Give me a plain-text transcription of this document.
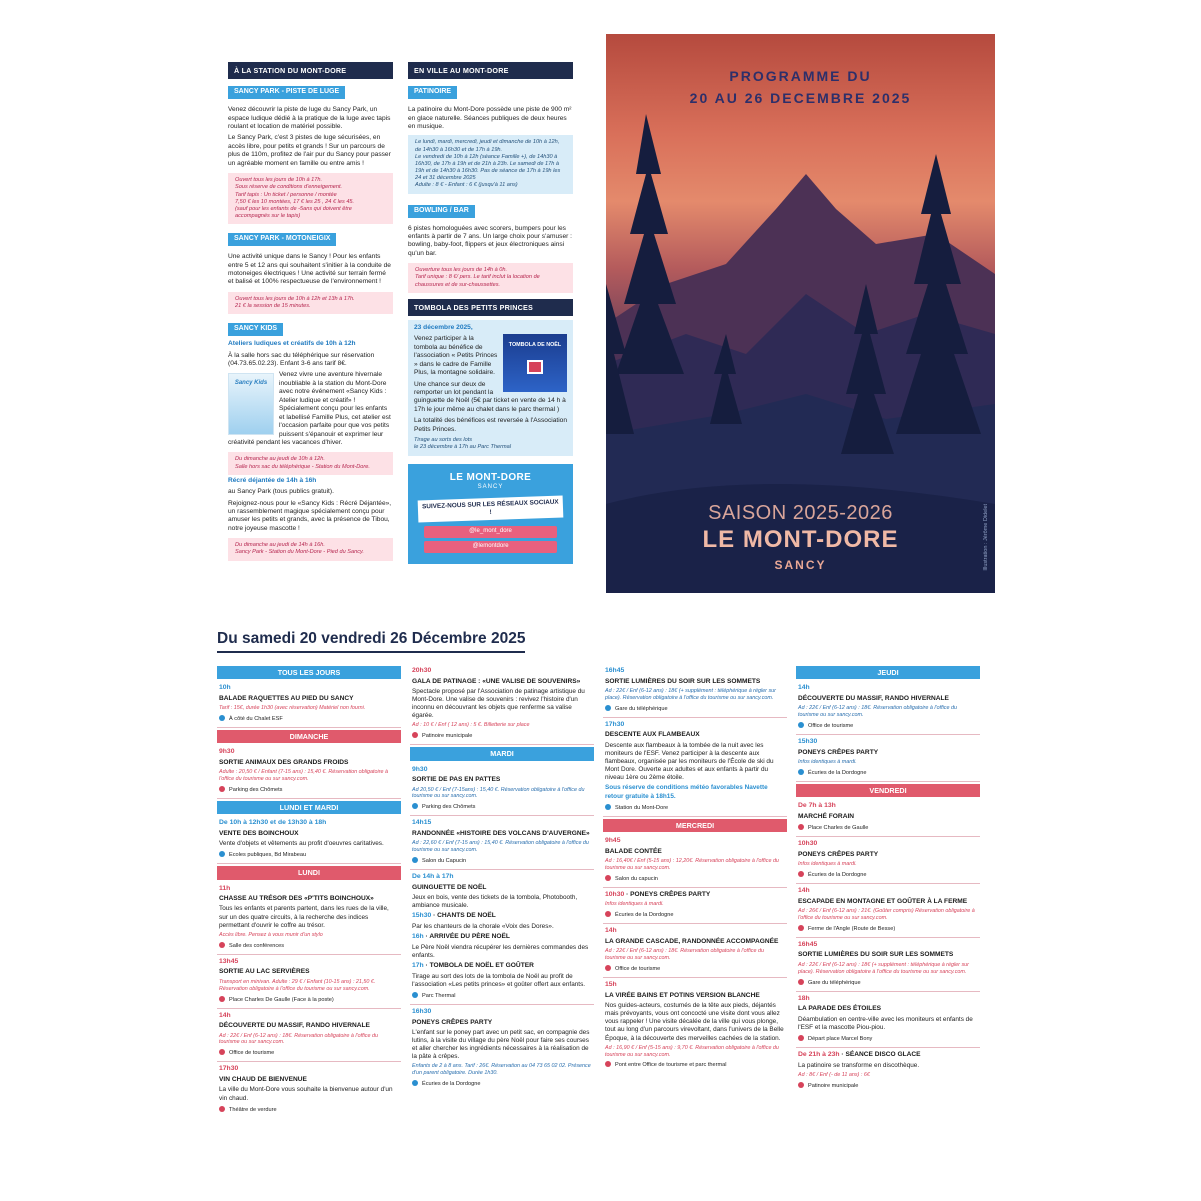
À LA STATION DU MONT-DORE
SANCY PARK - PISTE DE LUGE
Venez découvrir la piste de luge du Sancy Park, un espace ludique dédié à la pratique de la luge avec tapis roulant et location de matériel possible.
Le Sancy Park, c'est 3 pistes de luge sécurisées, en accès libre, pour petits et grands ! Sur un parcours de plus de 110m, profitez de l'air pur du Sancy pour passer un agréable moment en famille ou entre amis !
Ouvert tous les jours de 10h à 17h.
Sous réserve de conditions d'enneigement.
Tarif tapis : Un ticket / personne / montée
7,50 € les 10 montées, 17 € les 25 , 24 € les 45.
(sauf pour les enfants de -5ans qui doivent être accompagnés sur le tapis)
SANCY PARK - MOTONEIGIX
Une activité unique dans le Sancy ! Pour les enfants entre 5 et 12 ans qui souhaitent s'initier à la conduite de motoneiges électriques ! Une activité sur terrain fermé et balisé et 100% respectueuse de l'environnement !
Ouvert tous les jours de 10h à 12h et 13h à 17h.
21 € la session de 15 minutes.
SANCY KIDS
Ateliers ludiques et créatifs de 10h à 12h
À la salle hors sac du téléphérique sur réservation (04.73.65.02.23). Enfant 3-6 ans tarif 8€.
Sancy Kids
Venez vivre une aventure hivernale inoubliable à la station du Mont-Dore avec notre événement «Sancy Kids : Atelier ludique et créatif» ! Spécialement conçu pour les enfants et labellisé Famille Plus, cet atelier est l'occasion parfaite pour que vos petits puissent s'épanouir et exprimer leur créativité pendant les vacances d'hiver.
Du dimanche au jeudi de 10h à 12h.
Salle hors sac du téléphérique - Station du Mont-Dore.
Récré déjantée de 14h à 16h
au Sancy Park (tous publics gratuit).
Rejoignez-nous pour le «Sancy Kids : Récré Déjantée», un rassemblement magique spécialement conçu pour amuser les petits et grands, avec la présence de Tibou, notre joyeuse mascotte !
Du dimanche au jeudi de 14h à 16h.
Sancy Park - Station du Mont-Dore - Pied du Sancy.
EN VILLE AU MONT-DORE
PATINOIRE
La patinoire du Mont-Dore possède une piste de 900 m² en glace naturelle. Séances publiques de deux heures en musique.
Le lundi, mardi, mercredi, jeudi et dimanche de 10h à 12h, de 14h30 à 16h30 et de 17h à 19h.
Le vendredi de 10h à 12h (séance Famille +), de 14h30 à 16h30, de 17h à 19h et de 21h à 23h. Le samedi de 17h à 19h et de 14h30 à 16h30. Pas de séance de 17h à 19h les 24 et 31 décembre 2025
Adulte : 8 € - Enfant : 6 € (jusqu'à 11 ans)
BOWLING / BAR
6 pistes homologuées avec scorers, bumpers pour les enfants à partir de 7 ans. Un large choix pour s'amuser : bowling, baby-foot, flippers et jeux électroniques ainsi qu'un bar.
Ouverture tous les jours de 14h à 0h.
Tarif unique : 8 €/ pers. Le tarif inclut la location de chaussures et de sur-chaussettes.
TOMBOLA DES PETITS PRINCES
23 décembre 2025,
TOMBOLA DE NOËL
Venez participer à la tombola au bénéfice de l'association « Petits Princes » dans le cadre de Famille Plus, la montagne solidaire.
Une chance sur deux de remporter un lot pendant la guinguette de Noël (5€ par ticket en vente de 14 h à 17h le jour même au chalet dans le parc thermal )
La totalité des bénéfices est reversée à l'Association Petits Princes.
Tirage au sorts des lots
le 23 décembre à 17h au Parc Thermal
LE MONT-DORE
SANCY
SUIVEZ-NOUS SUR LES RÉSEAUX SOCIAUX !
@le_mont_dore
@lemontdore
PROGRAMME DU
20 AU 26 DECEMBRE 2025
SAISON 2025-2026
LE MONT-DORE
SANCY	Illustration : Jérôme Didelet
Du samedi 20 vendredi 26 Décembre 2025
TOUS LES JOURS
10h
BALADE RAQUETTES AU PIED DU SANCY
Tarif : 15€, durée 1h30 (avec réservation) Matériel non fourni.
À côté du Chalet ESF
DIMANCHE
9h30
SORTIE ANIMAUX DES GRANDS FROIDS
Adulte : 20,50 € / Enfant (7-15 ans) : 15,40 €. Réservation obligatoire à l'office du tourisme ou sur sancy.com.
Parking des Chômets
LUNDI ET MARDI
De 10h à 12h30 et de 13h30 à 18h
VENTE DES BOINCHOUX
Vente d'objets et vêtements au profit d'oeuvres caritatives.
Ecoles publiques, Bd Mirabeau
LUNDI
11h
CHASSE AU TRÉSOR DES «P'TITS BOINCHOUX»
Tous les enfants et parents partent, dans les rues de la ville, sur un des quatre circuits, à la recherche des indices permettant d'ouvrir le coffre au trésor.
Accès libre. Pensez à vous munir d'un stylo
Salle des conférences
13h45
SORTIE AU LAC SERVIÈRES
Transport en minivan. Adulte : 29 € / Enfant (10-15 ans) : 21,50 €. Réservation obligatoire à l'office du tourisme ou sur sancy.com.
Place Charles De Gaulle (Face à la poste)
14h
DÉCOUVERTE DU MASSIF, RANDO HIVERNALE
Ad : 22€ / Enf (6-12 ans) : 18€. Réservation obligatoire à l'office du tourisme ou sur sancy.com.
Office de tourisme
17h30
VIN CHAUD DE BIENVENUE
La ville du Mont-Dore vous souhaite la bienvenue autour d'un vin chaud.
Théâtre de verdure
20h30
GALA DE PATINAGE : «UNE VALISE DE SOUVENIRS»
Spectacle proposé par l'Association de patinage artistique du Mont-Dore. Une valise de souvenirs : revivez l'histoire d'un inconnu en découvrant les objets que renferme sa valise égarée.
Ad : 10 € / Enf ( 12 ans) : 5 €. Billetterie sur place
Patinoire municipale
MARDI
9h30
SORTIE DE PAS EN PATTES
Ad 20,50 € / Enf (7-15ans) : 15,40 €. Réservation obligatoire à l'office du tourisme ou sur sancy.com.
Parking des Chômets
14h15
RANDONNÉE «HISTOIRE DES VOLCANS D'AUVERGNE»
Ad : 22,60 € / Enf (7-15 ans) : 15,40 €. Réservation obligatoire à l'office du tourisme ou sur sancy.com.
Salon du Capucin
De 14h à 17h
GUINGUETTE DE NOËL
Jeux en bois, vente des tickets de la tombola, Photobooth, ambiance musicale.
15h30 · CHANTS DE NOËL
Par les chanteurs de la chorale «Voix des Dores».
16h · ARRIVÉE DU PÈRE NOËL
Le Père Noël viendra récupérer les dernières commandes des enfants.
17h · TOMBOLA DE NOËL ET GOÛTER
Tirage au sort des lots de la tombola de Noël au profit de l'association «Les petits princes» et goûter offert aux enfants.
Parc Thermal
16h30
PONEYS CRÊPES PARTY
L'enfant sur le poney part avec un petit sac, en compagnie des lutins, à la visite du village du père Noël pour faire ses courses et aller chercher les ingrédients nécessaires à la réalisation de la pâte à crêpes.
Enfants de 2 à 8 ans. Tarif : 26€. Réservation au 04 73 65 02 02. Présence d'un parent obligatoire. Durée 1h30.
Écuries de la Dordogne
16h45
SORTIE LUMIÈRES DU SOIR SUR LES SOMMETS
Ad : 22€ / Enf (6-12 ans) : 18€ (+ supplément : téléphérique à régler sur place). Réservation obligatoire à l'office du tourisme ou sur sancy.com.
Gare du téléphérique
17h30
DESCENTE AUX FLAMBEAUX
Descente aux flambeaux à la tombée de la nuit avec les moniteurs de l'ESF. Venez participer à la descente aux flambeaux, organisée par les moniteurs de l'École de ski du Mont Dore. Ouverte aux adultes et aux enfants à partir du niveau 1ère ou 2ème étoile.
Sous réserve de conditions météo favorables Navette retour gratuite à 18h15.
Station du Mont-Dore
MERCREDI
9h45
BALADE CONTÉE
Ad : 16,40€ / Enf (5-15 ans) : 12,20€. Réservation obligatoire à l'office du tourisme ou sur sancy.com.
Salon du capucin
10h30 · PONEYS CRÊPES PARTY
Infos identiques à mardi.
Écuries de la Dordogne
14h
LA GRANDE CASCADE, RANDONNÉE ACCOMPAGNÉE
Ad : 22€ / Enf (6-12 ans) : 18€. Réservation obligatoire à l'office du tourisme ou sur sancy.com.
Office de tourisme
15h
LA VIRÉE BAINS ET POTINS VERSION BLANCHE
Nos guides-acteurs, costumés de la tête aux pieds, déjantés mais prévoyants, vous ont concocté une visite dont vous allez vous rappeler ! Une visite décalée de la ville qui vous plonge, tout au long d'un parcours virevoltant, dans l'univers de la Belle Époque, à la découverte des merveilles cachées de la station.
Ad : 16,90 € / Enf (5-15 ans) : 9,70 €. Réservation obligatoire à l'office du tourisme ou sur sancy.com.
Pont entre Office de tourisme et parc thermal
JEUDI
14h
DÉCOUVERTE DU MASSIF, RANDO HIVERNALE
Ad : 22€ / Enf (6-12 ans) : 18€. Réservation obligatoire à l'office du tourisme ou sur sancy.com.
Office de tourisme
15h30
PONEYS CRÊPES PARTY
Infos identiques à mardi.
Écuries de la Dordogne
VENDREDI
De 7h à 13h
MARCHÉ FORAIN
Place Charles de Gaulle
10h30
PONEYS CRÊPES PARTY
Infos identiques à mardi.
Écuries de la Dordogne
14h
ESCAPADE EN MONTAGNE ET GOÛTER À LA FERME
Ad : 26€ / Enf (6-12 ans) : 21€. (Goûter compris) Réservation obligatoire à l'office du tourisme ou sur sancy.com.
Ferme de l'Angle (Route de Besse)
16h45
SORTIE LUMIÈRES DU SOIR SUR LES SOMMETS
Ad : 22€ / Enf (6-12 ans) : 18€ (+ supplément : téléphérique à régler sur place). Réservation obligatoire à l'office du tourisme ou sur sancy.com.
Gare du téléphérique
18h
LA PARADE DES ÉTOILES
Déambulation en centre-ville avec les moniteurs et enfants de l'ESF et la mascotte Piou-piou.
Départ place Marcel Bony
De 21h à 23h · SÉANCE DISCO GLACE
La patinoire se transforme en discothèque.
Ad : 8€ / Enf (- de 11 ans) : 6€
Patinoire municipale
